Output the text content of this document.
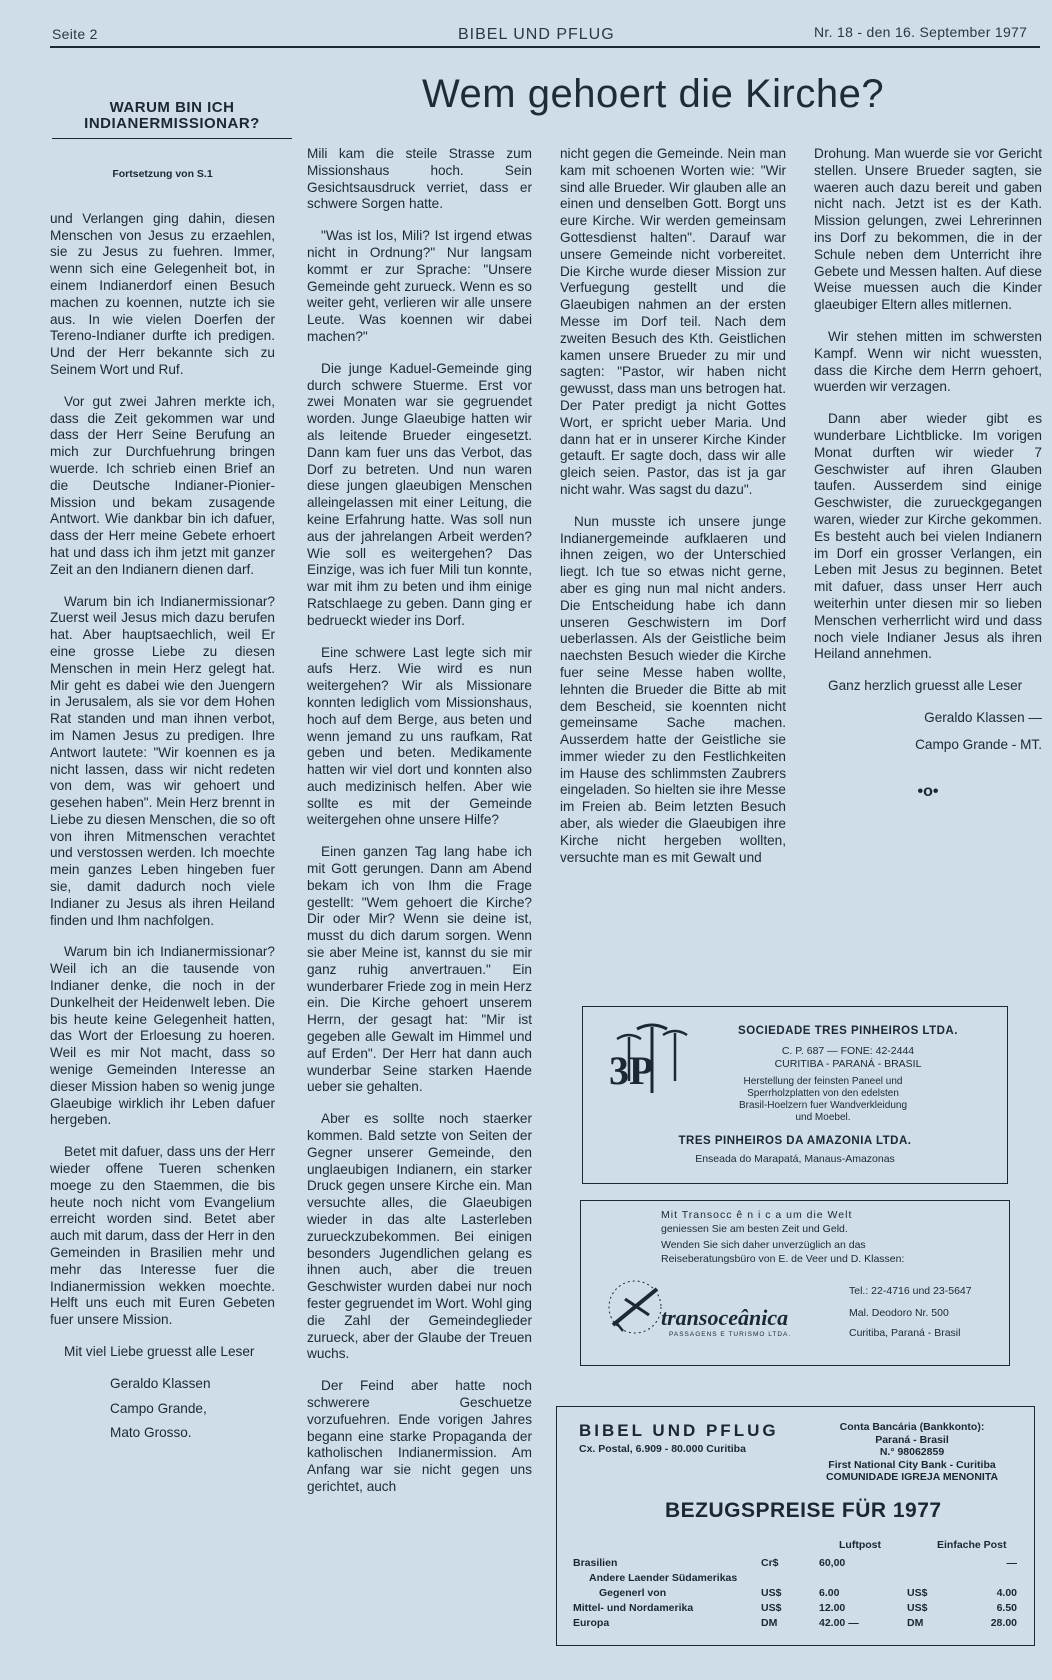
Seite 2	BIBEL UND PFLUG	Nr. 18 - den 16. September 1977
Wem gehoert die Kirche?
WARUM BIN ICH
INDIANERMISSIONAR?
Fortsetzung von S.1

und Verlangen ging dahin, diesen Menschen von Jesus zu erzaehlen, sie zu Jesus zu fuehren. Immer, wenn sich eine Gelegenheit bot, in einem Indianerdorf einen Besuch machen zu koennen, nutzte ich sie aus. In wie vielen Doerfen der Tereno-Indianer durfte ich predigen. Und der Herr bekannte sich zu Seinem Wort und Ruf.

Vor gut zwei Jahren merkte ich, dass die Zeit gekommen war und dass der Herr Seine Berufung an mich zur Durchfuehrung bringen wuerde. Ich schrieb einen Brief an die Deutsche Indianer-Pionier-Mission und bekam zusagende Antwort. Wie dankbar bin ich dafuer, dass der Herr meine Gebete erhoert hat und dass ich ihm jetzt mit ganzer Zeit an den Indianern dienen darf.

Warum bin ich Indianermissionar? Zuerst weil Jesus mich dazu berufen hat. Aber hauptsaechlich, weil Er eine grosse Liebe zu diesen Menschen in mein Herz gelegt hat. Mir geht es dabei wie den Juengern in Jerusalem, als sie vor dem Hohen Rat standen und man ihnen verbot, im Namen Jesus zu predigen. Ihre Antwort lautete: "Wir koennen es ja nicht lassen, dass wir nicht redeten von dem, was wir gehoert und gesehen haben". Mein Herz brennt in Liebe zu diesen Menschen, die so oft von ihren Mitmenschen verachtet und verstossen werden. Ich moechte mein ganzes Leben hingeben fuer sie, damit dadurch noch viele Indianer zu Jesus als ihren Heiland finden und Ihm nachfolgen.

Warum bin ich Indianermissionar? Weil ich an die tausende von Indianer denke, die noch in der Dunkelheit der Heidenwelt leben. Die bis heute keine Gelegenheit hatten, das Wort der Erloesung zu hoeren. Weil es mir Not macht, dass so wenige Gemeinden Interesse an dieser Mission haben so wenig junge Glaeubige wirklich ihr Leben dafuer hergeben.

Betet mit dafuer, dass uns der Herr wieder offene Tueren schenken moege zu den Staemmen, die bis heute noch nicht vom Evangelium erreicht worden sind. Betet aber auch mit darum, dass der Herr in den Gemeinden in Brasilien mehr und mehr das Interesse fuer die Indianermission wekken moechte. Helft uns euch mit Euren Gebeten fuer unsere Mission.

Mit viel Liebe gruesst alle Leser

Geraldo Klassen

Campo Grande,

Mato Grosso.

Mili kam die steile Strasse zum Missionshaus hoch. Sein Gesichtsausdruck verriet, dass er schwere Sorgen hatte.

"Was ist los, Mili? Ist irgend etwas nicht in Ordnung?" Nur langsam kommt er zur Sprache: "Unsere Gemeinde geht zurueck. Wenn es so weiter geht, verlieren wir alle unsere Leute. Was koennen wir dabei machen?"

Die junge Kaduel-Gemeinde ging durch schwere Stuerme. Erst vor zwei Monaten war sie gegruendet worden. Junge Glaeubige hatten wir als leitende Brueder eingesetzt. Dann kam fuer uns das Verbot, das Dorf zu betreten. Und nun waren diese jungen glaeubigen Menschen alleingelassen mit einer Leitung, die keine Erfahrung hatte. Was soll nun aus der jahrelangen Arbeit werden? Wie soll es weitergehen? Das Einzige, was ich fuer Mili tun konnte, war mit ihm zu beten und ihm einige Ratschlaege zu geben. Dann ging er bedrueckt wieder ins Dorf.

Eine schwere Last legte sich mir aufs Herz. Wie wird es nun weitergehen? Wir als Missionare konnten lediglich vom Missionshaus, hoch auf dem Berge, aus beten und wenn jemand zu uns raufkam, Rat geben und beten. Medikamente hatten wir viel dort und konnten also auch medizinisch helfen. Aber wie sollte es mit der Gemeinde weitergehen ohne unsere Hilfe?

Einen ganzen Tag lang habe ich mit Gott gerungen. Dann am Abend bekam ich von Ihm die Frage gestellt: "Wem gehoert die Kirche? Dir oder Mir? Wenn sie deine ist, musst du dich darum sorgen. Wenn sie aber Meine ist, kannst du sie mir ganz ruhig anvertrauen." Ein wunderbarer Friede zog in mein Herz ein. Die Kirche gehoert unserem Herrn, der gesagt hat: "Mir ist gegeben alle Gewalt im Himmel und auf Erden". Der Herr hat dann auch wunderbar Seine starken Haende ueber sie gehalten.

Aber es sollte noch staerker kommen. Bald setzte von Seiten der Gegner unserer Gemeinde, den unglaeubigen Indianern, ein starker Druck gegen unsere Kirche ein. Man versuchte alles, die Glaeubigen wieder in das alte Lasterleben zurueckzubekommen. Bei einigen besonders Jugendlichen gelang es ihnen auch, aber die treuen Geschwister wurden dabei nur noch fester gegruendet im Wort. Wohl ging die Zahl der Gemeindeglieder zurueck, aber der Glaube der Treuen wuchs.

Der Feind aber hatte noch schwerere Geschuetze vorzufuehren. Ende vorigen Jahres begann eine starke Propaganda der katholischen Indianermission. Am Anfang war sie nicht gegen uns gerichtet, auch

nicht gegen die Gemeinde. Nein man kam mit schoenen Worten wie: "Wir sind alle Brueder. Wir glauben alle an einen und denselben Gott. Borgt uns eure Kirche. Wir werden gemeinsam Gottesdienst halten". Darauf war unsere Gemeinde nicht vorbereitet. Die Kirche wurde dieser Mission zur Verfuegung gestellt und die Glaeubigen nahmen an der ersten Messe im Dorf teil. Nach dem zweiten Besuch des Kth. Geistlichen kamen unsere Brueder zu mir und sagten: "Pastor, wir haben nicht gewusst, dass man uns betrogen hat. Der Pater predigt ja nicht Gottes Wort, er spricht ueber Maria. Und dann hat er in unserer Kirche Kinder getauft. Er sagte doch, dass wir alle gleich seien. Pastor, das ist ja gar nicht wahr. Was sagst du dazu".

Nun musste ich unsere junge Indianergemeinde aufklaeren und ihnen zeigen, wo der Unterschied liegt. Ich tue so etwas nicht gerne, aber es ging nun mal nicht anders. Die Entscheidung habe ich dann unseren Geschwistern im Dorf ueberlassen. Als der Geistliche beim naechsten Besuch wieder die Kirche fuer seine Messe haben wollte, lehnten die Brueder die Bitte ab mit dem Bescheid, sie koennten nicht gemeinsame Sache machen. Ausserdem hatte der Geistliche sie immer wieder zu den Festlichkeiten im Hause des schlimmsten Zaubrers eingeladen. So hielten sie ihre Messe im Freien ab. Beim letzten Besuch aber, als wieder die Glaeubigen ihre Kirche nicht hergeben wollten, versuchte man es mit Gewalt und

Drohung. Man wuerde sie vor Gericht stellen. Unsere Brueder sagten, sie waeren auch dazu bereit und gaben nicht nach. Jetzt ist es der Kath. Mission gelungen, zwei Lehrerinnen ins Dorf zu bekommen, die in der Schule neben dem Unterricht ihre Gebete und Messen halten. Auf diese Weise muessen auch die Kinder glaeubiger Eltern alles mitlernen.

Wir stehen mitten im schwersten Kampf. Wenn wir nicht wuessten, dass die Kirche dem Herrn gehoert, wuerden wir verzagen.

Dann aber wieder gibt es wunderbare Lichtblicke. Im vorigen Monat durften wir wieder 7 Geschwister auf ihren Glauben taufen. Ausserdem sind einige Geschwister, die zurueckgegangen waren, wieder zur Kirche gekommen. Es besteht auch bei vielen Indianern im Dorf ein grosser Verlangen, ein Leben mit Jesus zu beginnen. Betet mit dafuer, dass unser Herr auch weiterhin unter diesen mir so lieben Menschen verherrlicht wird und dass noch viele Indianer Jesus als ihren Heiland annehmen.

Ganz herzlich gruesst alle Leser

Geraldo Klassen —

Campo Grande - MT.

•o•

3P
SOCIEDADE TRES PINHEIROS LTDA.
C. P. 687 — FONE: 42-2444
CURITIBA - PARANÁ - BRASIL
Herstellung der feinsten Paneel und
Sperrholzplatten von den edelsten
Brasil-Hoelzern fuer Wandverkleidung
und Moebel.
TRES PINHEIROS DA AMAZONIA LTDA.
Enseada do Marapatá, Manaus-Amazonas
Mit Transocc ê n i c a um die Welt
geniessen Sie am besten Zeit und Geld.
Wenden Sie sich daher unverzüglich an das
Reiseberatungsbüro von E. de Veer und D. Klassen:
Tel.: 22-4716 und 23-5647
Mal. Deodoro Nr. 500
Curitiba, Paraná - Brasil
transoceânica
PASSAGENS E TURISMO LTDA.
BIBEL UND PFLUG
Cx. Postal, 6.909 - 80.000 Curitiba
Conta Bancária (Bankkonto):
Paraná - Brasil
N.° 98062859
First National City Bank - Curitiba
COMUNIDADE IGREJA MENONITA
BEZUGSPREISE FÜR 1977
Luftpost	Einfache Post
Brasilien	Cr$	60,00		—
Andere Laender Südamerikas				
Gegenerl von	US$	6.00	US$	4.00
Mittel- und Nordamerika	US$	12.00	US$	6.50
Europa	DM	42.00 —	DM	28.00
